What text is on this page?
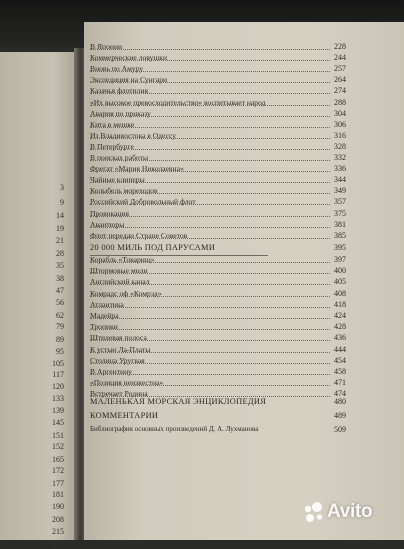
3
9
14
19
21
28
35
38
47
56
62
79
89
95
105
117
120
133
139
145
151
152
165
172
177
181
190
208
215
220
В Японии	228
Коммерческие ловушки	244
Вновь по Амуру	257
Экспедиция на Сунгари	264
Казачья флотилия	274
«Их высокое превосходительство» воспитывает народ	288
Авария по приказу	304
Кита в мешке	306
Из Владивостока в Одессу	316
В Петербурге	328
В поисках работы	332
Фрегат «Мария Николаевна»	336
Чайные клиперы	344
Колыбель мореходов	349
Российский Добровольный флот	357
Провокация	375
Авантюры	381
Флот передан Стране Советов	385
20 000 МИЛЬ ПОД ПАРУСАМИ	395
Корабль «Товарищ»	397
Штормовые мили	400
Английский канал	405
Комрадс оф «Комрэд»	408
Атлантика	418
Мадейра	424
Тропики	428
Штилевая полоса	436
К устью Ла-Платы	444
Столица Уругвая	454
В Аргентину	458
«Позиция неизвестна»	471
Встречает Родина	474
МАЛЕНЬКАЯ МОРСКАЯ ЭНЦИКЛОПЕДИЯ	480
КОММЕНТАРИИ	489
Библиография основных произведений Д. А. Лухманова	509
Avito
